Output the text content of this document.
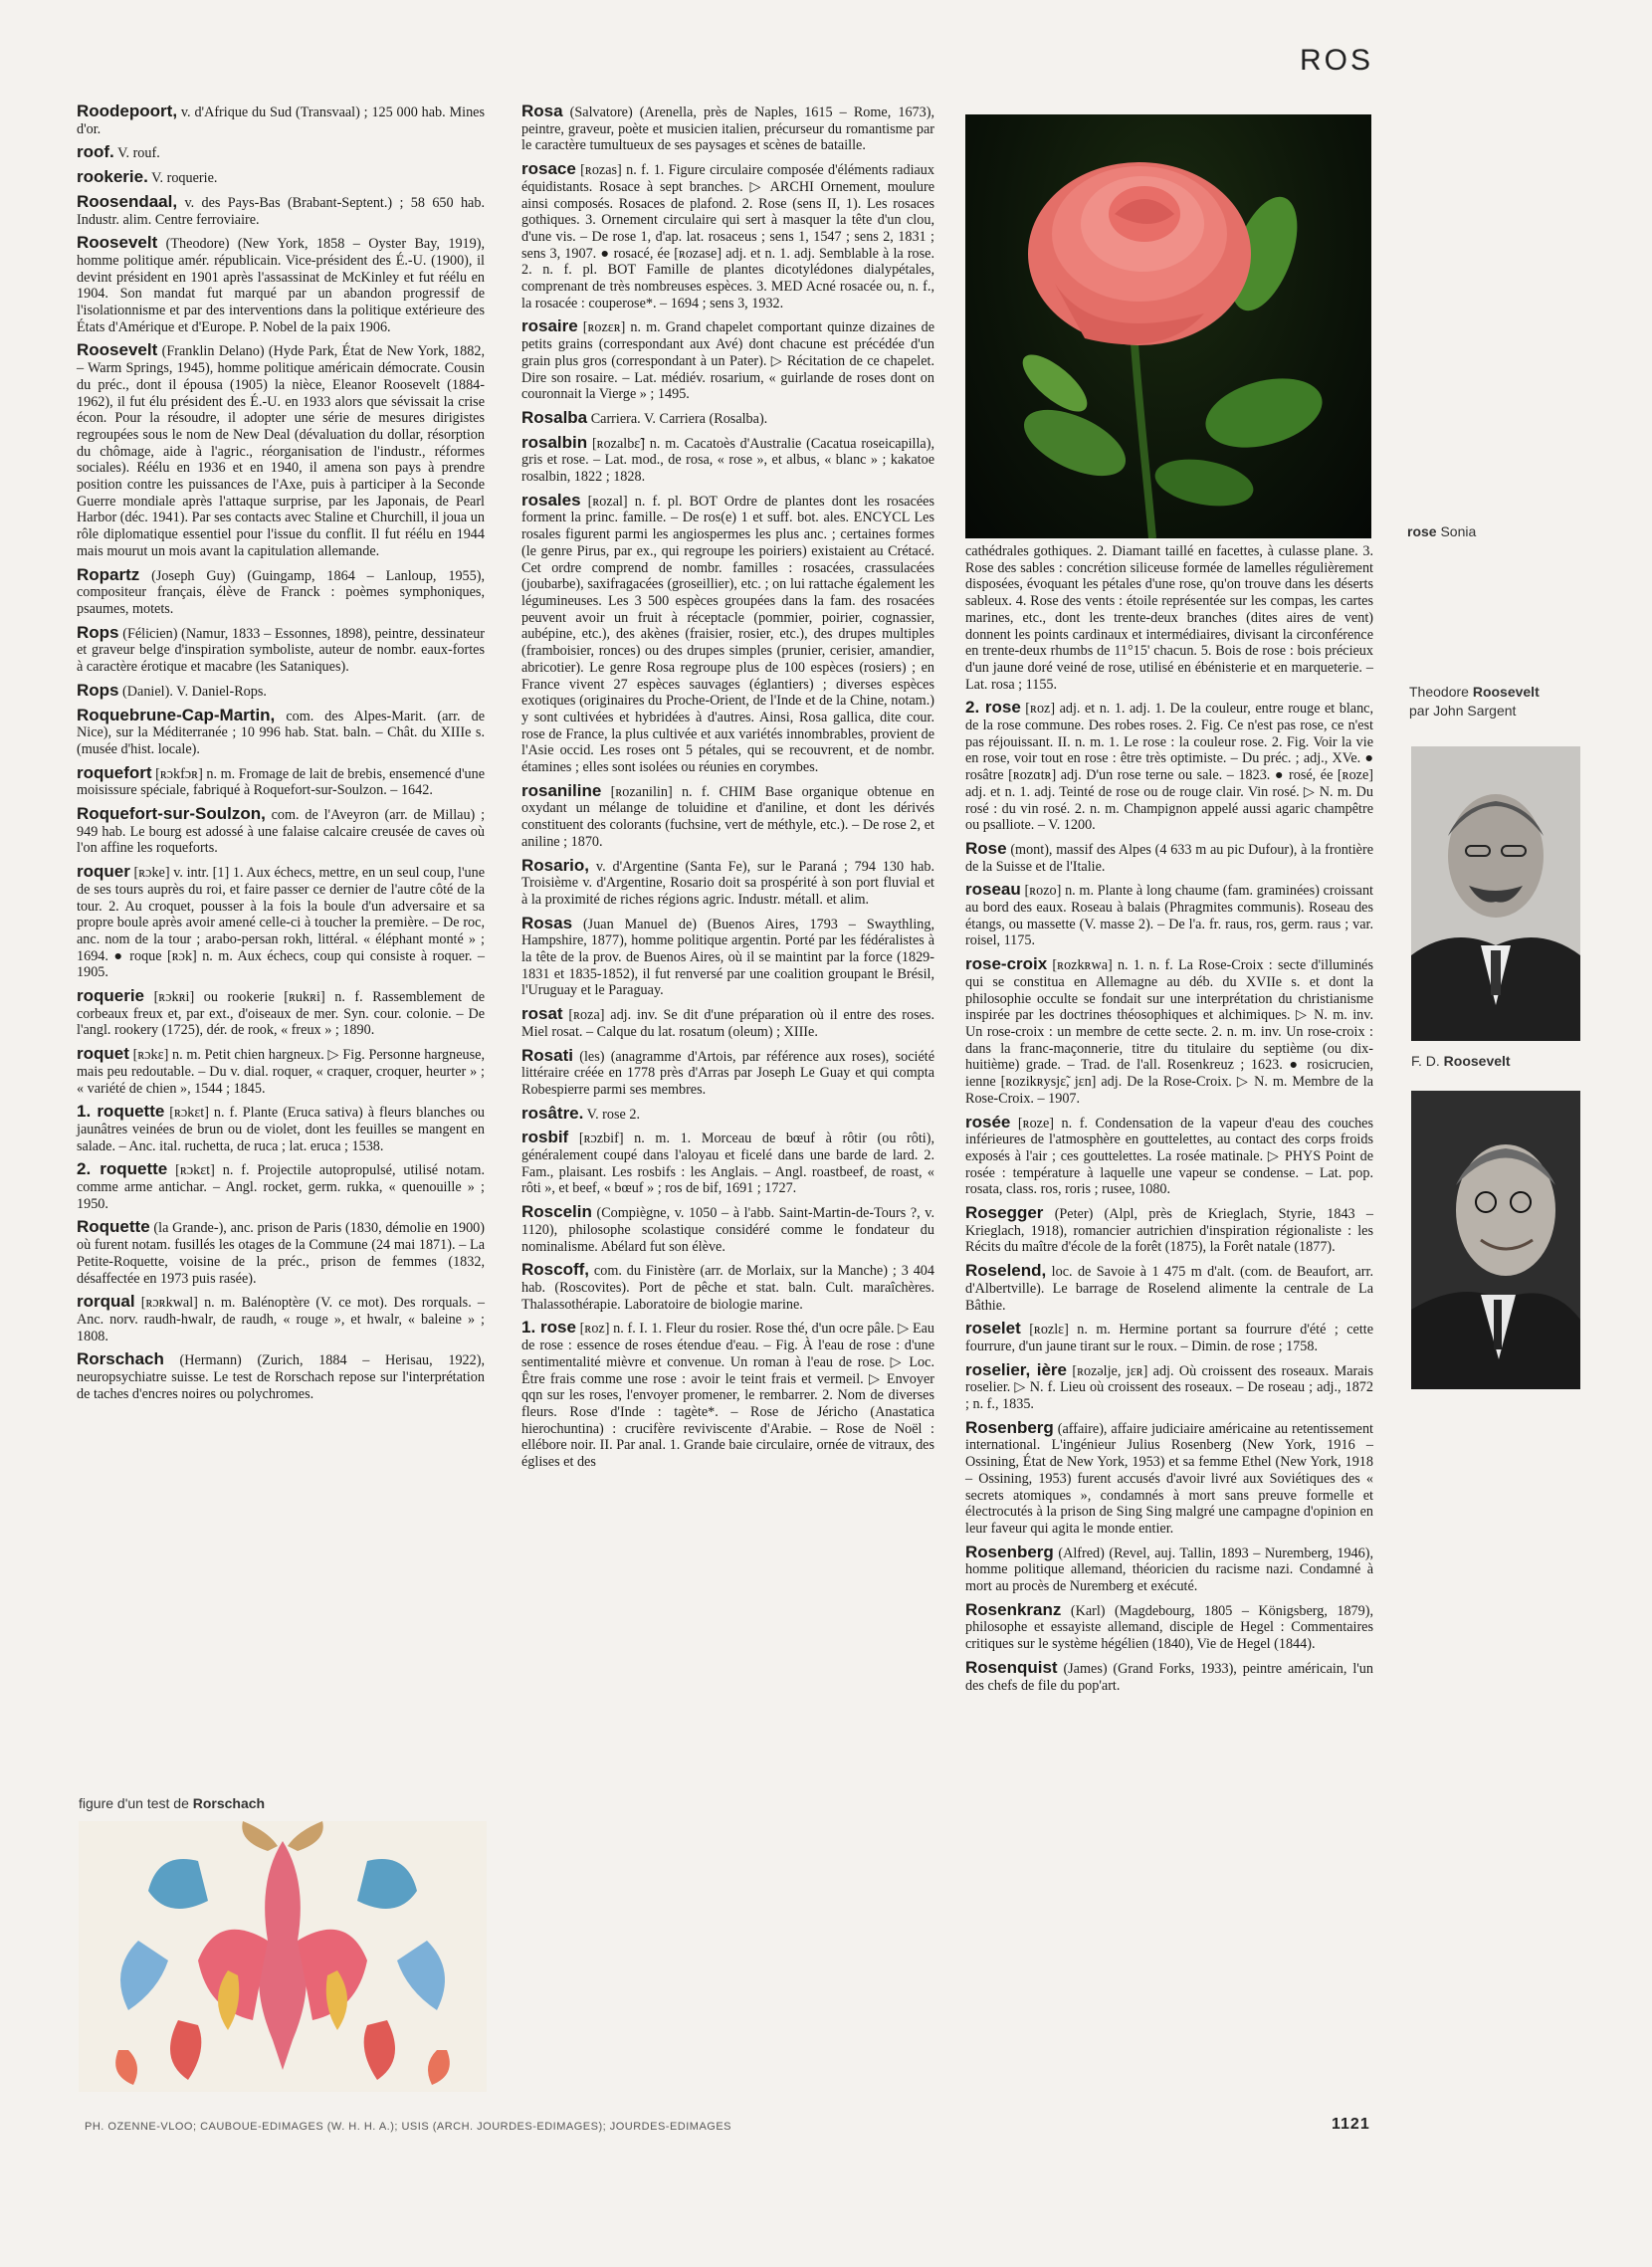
ROS

Roodepoort, v. d'Afrique du Sud (Transvaal) ; 125 000 hab. Mines d'or.

roof. V. rouf.

rookerie. V. roquerie.

Roosendaal, v. des Pays-Bas (Brabant-Septent.) ; 58 650 hab. Industr. alim. Centre ferroviaire.

Roosevelt (Theodore) (New York, 1858 – Oyster Bay, 1919), homme politique amér. républicain. Vice-président des É.-U. (1900), il devint président en 1901 après l'assassinat de McKinley et fut réélu en 1904. Son mandat fut marqué par un abandon progressif de l'isolationnisme et par des interventions dans la politique extérieure des États d'Amérique et d'Europe. P. Nobel de la paix 1906.

Roosevelt (Franklin Delano) (Hyde Park, État de New York, 1882, – Warm Springs, 1945), homme politique américain démocrate. Cousin du préc., dont il épousa (1905) la nièce, Eleanor Roosevelt (1884-1962), il fut élu président des É.-U. en 1933 alors que sévissait la crise écon. Pour la résoudre, il adopter une série de mesures dirigistes regroupées sous le nom de New Deal (dévaluation du dollar, résorption du chômage, aide à l'agric., réorganisation de l'industr., réformes sociales). Réélu en 1936 et en 1940, il amena son pays à prendre position contre les puissances de l'Axe, puis à participer à la Seconde Guerre mondiale après l'attaque surprise, par les Japonais, de Pearl Harbor (déc. 1941). Par ses contacts avec Staline et Churchill, il joua un rôle diplomatique essentiel pour l'issue du conflit. Il fut réélu en 1944 mais mourut un mois avant la capitulation allemande.

Ropartz (Joseph Guy) (Guingamp, 1864 – Lanloup, 1955), compositeur français, élève de Franck : poèmes symphoniques, psaumes, motets.

Rops (Félicien) (Namur, 1833 – Essonnes, 1898), peintre, dessinateur et graveur belge d'inspiration symboliste, auteur de nombr. eaux-fortes à caractère érotique et macabre (les Sataniques).

Rops (Daniel). V. Daniel-Rops.

Roquebrune-Cap-Martin, com. des Alpes-Marit. (arr. de Nice), sur la Méditerranée ; 10 996 hab. Stat. baln. – Chât. du XIIIe s. (musée d'hist. locale).

roquefort [ʀɔkfɔʀ] n. m. Fromage de lait de brebis, ensemencé d'une moisissure spéciale, fabriqué à Roquefort-sur-Soulzon. – 1642.

Roquefort-sur-Soulzon, com. de l'Aveyron (arr. de Millau) ; 949 hab. Le bourg est adossé à une falaise calcaire creusée de caves où l'on affine les roqueforts.

roquer [ʀɔke] v. intr. [1] 1. Aux échecs, mettre, en un seul coup, l'une de ses tours auprès du roi, et faire passer ce dernier de l'autre côté de la tour. 2. Au croquet, pousser à la fois la boule d'un adversaire et sa propre boule après avoir amené celle-ci à toucher la première. – De roc, anc. nom de la tour ; arabo-persan rokh, littéral. « éléphant monté » ; 1694. ● roque [ʀɔk] n. m. Aux échecs, coup qui consiste à roquer. – 1905.

roquerie [ʀɔkʀi] ou rookerie [ʀukʀi] n. f. Rassemblement de corbeaux freux et, par ext., d'oiseaux de mer. Syn. cour. colonie. – De l'angl. rookery (1725), dér. de rook, « freux » ; 1890.

roquet [ʀɔkɛ] n. m. Petit chien hargneux. ▷ Fig. Personne hargneuse, mais peu redoutable. – Du v. dial. roquer, « craquer, croquer, heurter » ; « variété de chien », 1544 ; 1845.

1. roquette [ʀɔkɛt] n. f. Plante (Eruca sativa) à fleurs blanches ou jaunâtres veinées de brun ou de violet, dont les feuilles se mangent en salade. – Anc. ital. ruchetta, de ruca ; lat. eruca ; 1538.

2. roquette [ʀɔkɛt] n. f. Projectile autopropulsé, utilisé notam. comme arme antichar. – Angl. rocket, germ. rukka, « quenouille » ; 1950.

Roquette (la Grande-), anc. prison de Paris (1830, démolie en 1900) où furent notam. fusillés les otages de la Commune (24 mai 1871). – La Petite-Roquette, voisine de la préc., prison de femmes (1832, désaffectée en 1973 puis rasée).

rorqual [ʀɔʀkwal] n. m. Balénoptère (V. ce mot). Des rorquals. – Anc. norv. raudh-hwalr, de raudh, « rouge », et hwalr, « baleine » ; 1808.

Rorschach (Hermann) (Zurich, 1884 – Herisau, 1922), neuropsychiatre suisse. Le test de Rorschach repose sur l'interprétation de taches d'encres noires ou polychromes.

Rosa (Salvatore) (Arenella, près de Naples, 1615 – Rome, 1673), peintre, graveur, poète et musicien italien, précurseur du romantisme par le caractère tumultueux de ses paysages et scènes de bataille.

rosace [ʀozas] n. f. 1. Figure circulaire composée d'éléments radiaux équidistants. Rosace à sept branches. ▷ ARCHI Ornement, moulure ainsi composés. Rosaces de plafond. 2. Rose (sens II, 1). Les rosaces gothiques. 3. Ornement circulaire qui sert à masquer la tête d'un clou, d'une vis. – De rose 1, d'ap. lat. rosaceus ; sens 1, 1547 ; sens 2, 1831 ; sens 3, 1907. ● rosacé, ée [ʀozase] adj. et n. 1. adj. Semblable à la rose. 2. n. f. pl. BOT Famille de plantes dicotylédones dialypétales, comprenant de très nombreuses espèces. 3. MED Acné rosacée ou, n. f., la rosacée : couperose*. – 1694 ; sens 3, 1932.

rosaire [ʀozɛʀ] n. m. Grand chapelet comportant quinze dizaines de petits grains (correspondant aux Avé) dont chacune est précédée d'un grain plus gros (correspondant à un Pater). ▷ Récitation de ce chapelet. Dire son rosaire. – Lat. médiév. rosarium, « guirlande de roses dont on couronnait la Vierge » ; 1495.

Rosalba Carriera. V. Carriera (Rosalba).

rosalbin [ʀozalbɛ̃] n. m. Cacatoès d'Australie (Cacatua roseicapilla), gris et rose. – Lat. mod., de rosa, « rose », et albus, « blanc » ; kakatoe rosalbin, 1822 ; 1828.

rosales [ʀozal] n. f. pl. BOT Ordre de plantes dont les rosacées forment la princ. famille. – De ros(e) 1 et suff. bot. ales. ENCYCL Les rosales figurent parmi les angiospermes les plus anc. ; certaines formes (le genre Pirus, par ex., qui regroupe les poiriers) existaient au Crétacé. Cet ordre comprend de nombr. familles : rosacées, crassulacées (joubarbe), saxifragacées (groseillier), etc. ; on lui rattache également les légumineuses. Les 3 500 espèces groupées dans la fam. des rosacées peuvent avoir un fruit à réceptacle (pommier, poirier, cognassier, aubépine, etc.), des akènes (fraisier, rosier, etc.), des drupes multiples (framboisier, ronces) ou des drupes simples (prunier, cerisier, amandier, abricotier). Le genre Rosa regroupe plus de 100 espèces (rosiers) ; en France vivent 27 espèces sauvages (églantiers) ; diverses espèces exotiques (originaires du Proche-Orient, de l'Inde et de la Chine, notam.) y sont cultivées et hybridées à d'autres. Ainsi, Rosa gallica, dite cour. rose de France, la plus cultivée et aux variétés innombrables, provient de l'Asie occid. Les roses ont 5 pétales, qui se recouvrent, et de nombr. étamines ; elles sont isolées ou réunies en corymbes.

rosaniline [ʀozanilin] n. f. CHIM Base organique obtenue en oxydant un mélange de toluidine et d'aniline, et dont les dérivés constituent des colorants (fuchsine, vert de méthyle, etc.). – De rose 2, et aniline ; 1870.

Rosario, v. d'Argentine (Santa Fe), sur le Paraná ; 794 130 hab. Troisième v. d'Argentine, Rosario doit sa prospérité à son port fluvial et à la proximité de riches régions agric. Industr. métall. et alim.

Rosas (Juan Manuel de) (Buenos Aires, 1793 – Swaythling, Hampshire, 1877), homme politique argentin. Porté par les fédéralistes à la tête de la prov. de Buenos Aires, où il se maintint par la force (1829-1831 et 1835-1852), il fut renversé par une coalition groupant le Brésil, l'Uruguay et le Paraguay.

rosat [ʀoza] adj. inv. Se dit d'une préparation où il entre des roses. Miel rosat. – Calque du lat. rosatum (oleum) ; XIIIe.

Rosati (les) (anagramme d'Artois, par référence aux roses), société littéraire créée en 1778 près d'Arras par Joseph Le Guay et qui compta Robespierre parmi ses membres.

rosâtre. V. rose 2.

rosbif [ʀɔzbif] n. m. 1. Morceau de bœuf à rôtir (ou rôti), généralement coupé dans l'aloyau et ficelé dans une barde de lard. 2. Fam., plaisant. Les rosbifs : les Anglais. – Angl. roastbeef, de roast, « rôti », et beef, « bœuf » ; ros de bif, 1691 ; 1727.

Roscelin (Compiègne, v. 1050 – à l'abb. Saint-Martin-de-Tours ?, v. 1120), philosophe scolastique considéré comme le fondateur du nominalisme. Abélard fut son élève.

Roscoff, com. du Finistère (arr. de Morlaix, sur la Manche) ; 3 404 hab. (Roscovites). Port de pêche et stat. baln. Cult. maraîchères. Thalassothérapie. Laboratoire de biologie marine.

1. rose [ʀoz] n. f. I. 1. Fleur du rosier. Rose thé, d'un ocre pâle. ▷ Eau de rose : essence de roses étendue d'eau. – Fig. À l'eau de rose : d'une sentimentalité mièvre et convenue. Un roman à l'eau de rose. ▷ Loc. Être frais comme une rose : avoir le teint frais et vermeil. ▷ Envoyer qqn sur les roses, l'envoyer promener, le rembarrer. 2. Nom de diverses fleurs. Rose d'Inde : tagète*. – Rose de Jéricho (Anastatica hierochuntina) : crucifère reviviscente d'Arabie. – Rose de Noël : ellébore noir. II. Par anal. 1. Grande baie circulaire, ornée de vitraux, des églises et des

cathédrales gothiques. 2. Diamant taillé en facettes, à culasse plane. 3. Rose des sables : concrétion siliceuse formée de lamelles régulièrement disposées, évoquant les pétales d'une rose, qu'on trouve dans les déserts sableux. 4. Rose des vents : étoile représentée sur les compas, les cartes marines, etc., dont les trente-deux branches (dites aires de vent) donnent les points cardinaux et intermédiaires, divisant la circonférence en trente-deux rhumbs de 11°15' chacun. 5. Bois de rose : bois précieux d'un jaune doré veiné de rose, utilisé en ébénisterie et en marqueterie. – Lat. rosa ; 1155.

2. rose [ʀoz] adj. et n. 1. adj. 1. De la couleur, entre rouge et blanc, de la rose commune. Des robes roses. 2. Fig. Ce n'est pas rose, ce n'est pas réjouissant. II. n. m. 1. Le rose : la couleur rose. 2. Fig. Voir la vie en rose, voir tout en rose : être très optimiste. – Du préc. ; adj., XVe. ● rosâtre [ʀozɑtʀ] adj. D'un rose terne ou sale. – 1823. ● rosé, ée [ʀoze] adj. et n. 1. adj. Teinté de rose ou de rouge clair. Vin rosé. ▷ N. m. Du rosé : du vin rosé. 2. n. m. Champignon appelé aussi agaric champêtre ou psalliote. – V. 1200.

Rose (mont), massif des Alpes (4 633 m au pic Dufour), à la frontière de la Suisse et de l'Italie.

roseau [ʀozo] n. m. Plante à long chaume (fam. graminées) croissant au bord des eaux. Roseau à balais (Phragmites communis). Roseau des étangs, ou massette (V. masse 2). – De l'a. fr. raus, ros, germ. raus ; var. roisel, 1175.

rose-croix [ʀozkʀwa] n. 1. n. f. La Rose-Croix : secte d'illuminés qui se constitua en Allemagne au déb. du XVIIe s. et dont la philosophie occulte se fondait sur une interprétation du christianisme inspirée par les doctrines théosophiques et alchimiques. ▷ N. m. inv. Un rose-croix : un membre de cette secte. 2. n. m. inv. Un rose-croix : dans la franc-maçonnerie, titre du titulaire du septième (ou dix-huitième) grade. – Trad. de l'all. Rosenkreuz ; 1623. ● rosicrucien, ienne [ʀozikʀysjɛ̃, jɛn] adj. De la Rose-Croix. ▷ N. m. Membre de la Rose-Croix. – 1907.

rosée [ʀoze] n. f. Condensation de la vapeur d'eau des couches inférieures de l'atmosphère en gouttelettes, au contact des corps froids exposés à l'air ; ces gouttelettes. La rosée matinale. ▷ PHYS Point de rosée : température à laquelle une vapeur se condense. – Lat. pop. rosata, class. ros, roris ; rusee, 1080.

Rosegger (Peter) (Alpl, près de Krieglach, Styrie, 1843 – Krieglach, 1918), romancier autrichien d'inspiration régionaliste : les Récits du maître d'école de la forêt (1875), la Forêt natale (1877).

Roselend, loc. de Savoie à 1 475 m d'alt. (com. de Beaufort, arr. d'Albertville). Le barrage de Roselend alimente la centrale de La Bâthie.

roselet [ʀozlɛ] n. m. Hermine portant sa fourrure d'été ; cette fourrure, d'un jaune tirant sur le roux. – Dimin. de rose ; 1758.

roselier, ière [ʀozəlje, jɛʀ] adj. Où croissent des roseaux. Marais roselier. ▷ N. f. Lieu où croissent des roseaux. – De roseau ; adj., 1872 ; n. f., 1835.

Rosenberg (affaire), affaire judiciaire américaine au retentissement international. L'ingénieur Julius Rosenberg (New York, 1916 – Ossining, État de New York, 1953) et sa femme Ethel (New York, 1918 – Ossining, 1953) furent accusés d'avoir livré aux Soviétiques des « secrets atomiques », condamnés à mort sans preuve formelle et électrocutés à la prison de Sing Sing malgré une campagne d'opinion en leur faveur qui agita le monde entier.

Rosenberg (Alfred) (Revel, auj. Tallin, 1893 – Nuremberg, 1946), homme politique allemand, théoricien du racisme nazi. Condamné à mort au procès de Nuremberg et exécuté.

Rosenkranz (Karl) (Magdebourg, 1805 – Königsberg, 1879), philosophe et essayiste allemand, disciple de Hegel : Commentaires critiques sur le système hégélien (1840), Vie de Hegel (1844).

Rosenquist (James) (Grand Forks, 1933), peintre américain, l'un des chefs de file du pop'art.

rose Sonia
Theodore Roosevelt
par John Sargent
F. D. Roosevelt
figure d'un test de Rorschach
PH. OZENNE-VLOO; CAUBOUE-EDIMAGES (W. H. H. A.); USIS (ARCH. JOURDES-EDIMAGES); JOURDES-EDIMAGES	1121
